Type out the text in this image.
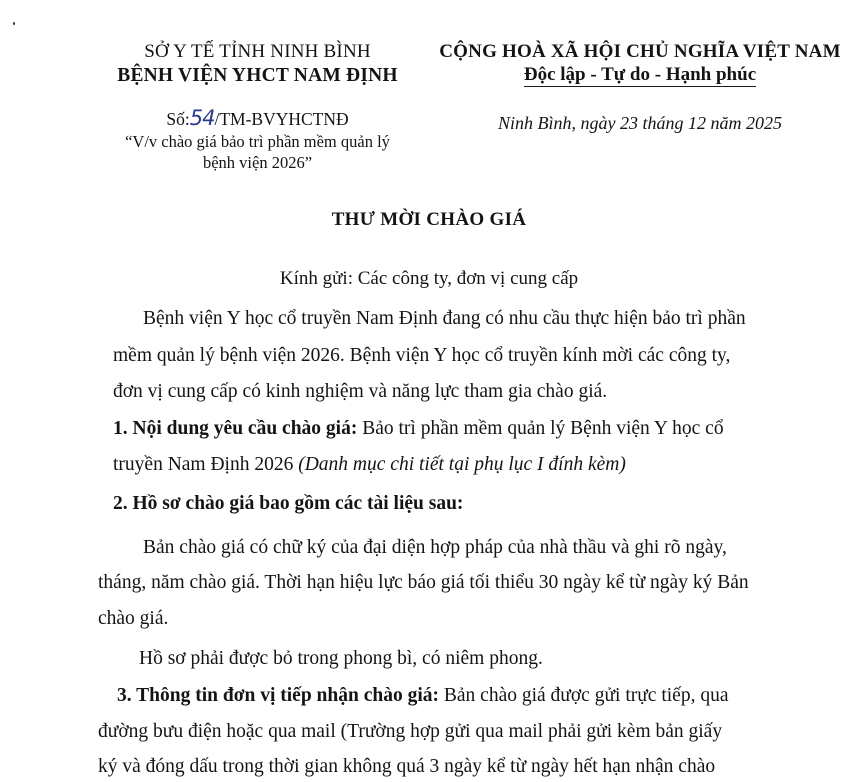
SỞ Y TẾ TỈNH NINH BÌNH
BỆNH VIỆN YHCT NAM ĐỊNH
CỘNG HOÀ XÃ HỘI CHỦ NGHĨA VIỆT NAM
Độc lập - Tự do - Hạnh phúc
Số:54/TM-BVYHCTNĐ
“V/v chào giá bảo trì phần mềm quản lý
bệnh viện 2026”
Ninh Bình, ngày 23 tháng 12 năm 2025
THƯ MỜI CHÀO GIÁ
Kính gửi: Các công ty, đơn vị cung cấp
Bệnh viện Y học cổ truyền Nam Định đang có nhu cầu thực hiện bảo trì phần
mềm quản lý bệnh viện 2026. Bệnh viện Y học cổ truyền kính mời các công ty,
đơn vị cung cấp có kinh nghiệm và năng lực tham gia chào giá.
1. Nội dung yêu cầu chào giá: Bảo trì phần mềm quản lý Bệnh viện Y học cổ
truyền Nam Định 2026 (Danh mục chi tiết tại phụ lục I đính kèm)
2. Hồ sơ chào giá bao gồm các tài liệu sau:
Bản chào giá có chữ ký của đại diện hợp pháp của nhà thầu và ghi rõ ngày,
tháng, năm chào giá. Thời hạn hiệu lực báo giá tối thiểu 30 ngày kể từ ngày ký Bản
chào giá.
Hồ sơ phải được bỏ trong phong bì, có niêm phong.
3. Thông tin đơn vị tiếp nhận chào giá: Bản chào giá được gửi trực tiếp, qua
đường bưu điện hoặc qua mail (Trường hợp gửi qua mail phải gửi kèm bản giấy
ký và đóng dấu trong thời gian không quá 3 ngày kể từ ngày hết hạn nhận chào
